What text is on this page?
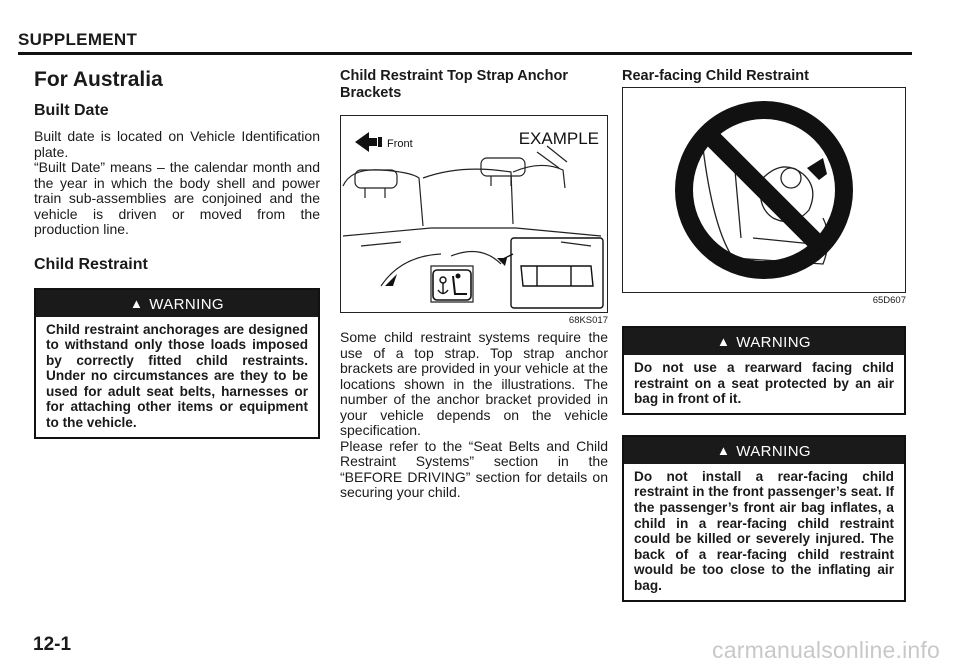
SUPPLEMENT
For Australia
Built Date

Built date is located on Vehicle Identification plate.

“Built Date” means – the calendar month and the year in which the body shell and power train sub-assemblies are conjoined and the vehicle is driven or moved from the production line.

Child Restraint
▲ WARNING
Child restraint anchorages are designed to withstand only those loads imposed by correctly fitted child restraints. Under no circumstances are they to be used for adult seat belts, harnesses or for attaching other items or equipment to the vehicle.
Child Restraint Top Strap Anchor Brackets
Front	EXAMPLE
68KS017

Some child restraint systems require the use of a top strap. Top strap anchor brackets are provided in your vehicle at the locations shown in the illustrations. The number of the anchor bracket provided in your vehicle depends on the vehicle specification.

Please refer to the “Seat Belts and Child Restraint Systems” section in the “BEFORE DRIVING” section for details on securing your child.

Rear-facing Child Restraint
65D607
▲ WARNING
Do not use a rearward facing child restraint on a seat protected by an air bag in front of it.
▲ WARNING
Do not install a rear-facing child restraint in the front passenger’s seat. If the passenger’s front air bag inflates, a child in a rear-facing child restraint could be killed or severely injured. The back of a rear-facing child restraint would be too close to the inflating air bag.
12-1	carmanualsonline.info
